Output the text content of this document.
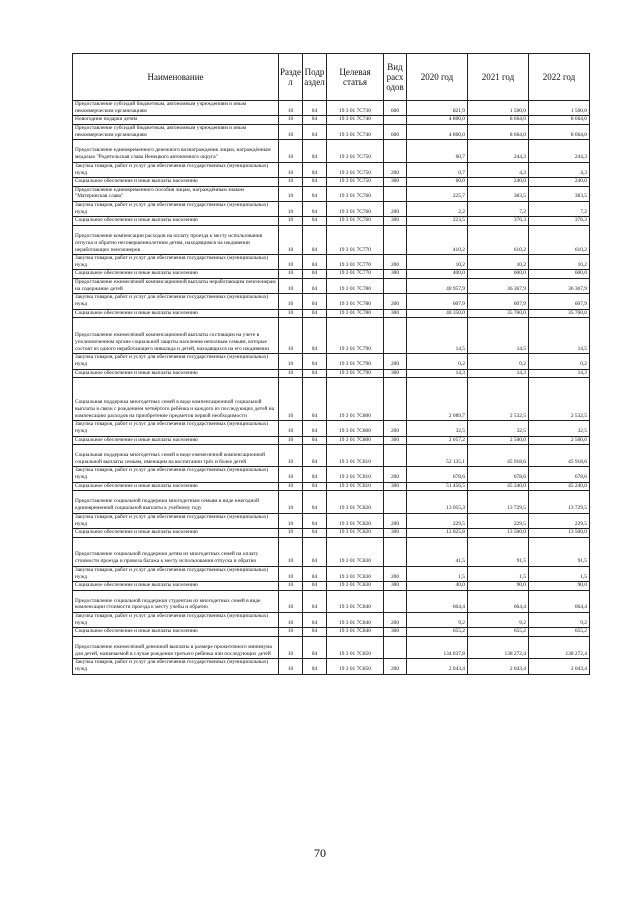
Наименование	Разде л	Подр аздел	Целевая статья	Вид расх одов	2020 год	2021 год	2022 год
Предоставление субсидий бюджетным, автономным учреждениям и иным некоммерческим организациям	10	04	19 3 01 7С730	600	821,9	1 500,0	1 500,0
Новогодние подарки детям	10	04	19 3 01 7С740		4 800,0	8 664,0	8 664,0
Предоставление субсидий бюджетным, автономным учреждениям и иным некоммерческим организациям	10	04	19 3 01 7С740	600	4 800,0	8 664,0	8 664,0
Предоставление единовременного денежного вознаграждения лицам, награждённым медалью "Родительская слава Ненецкого автономного округа"	10	04	19 3 01 7С750		60,7	244,3	244,3
Закупка товаров, работ и услуг для обеспечения государственных (муниципальных) нужд	10	04	19 3 01 7С750	200	0,7	4,3	4,3
Социальное обеспечение и иные выплаты населению	10	04	19 3 01 7С750	300	60,0	240,0	240,0
Предоставление единовременного пособия лицам, награждённым знаком "Материнская слава"	10	04	19 3 01 7С760		225,7	383,5	383,5
Закупка товаров, работ и услуг для обеспечения государственных (муниципальных) нужд	10	04	19 3 01 7С760	200	2,2	7,2	7,2
Социальное обеспечение и иные выплаты населению	10	04	19 3 01 7С760	300	223,5	376,3	376,3
Предоставление компенсации расходов на оплату проезда к месту использования отпуска и обратно несовершеннолетним детям, находящимся на иждивении неработающих пенсионеров	10	04	19 3 01 7С770		410,2	610,2	610,2
Закупка товаров, работ и услуг для обеспечения государственных (муниципальных) нужд	10	04	19 3 01 7С770	200	10,2	10,2	10,2
Социальное обеспечение и иные выплаты населению	10	04	19 3 01 7С770	300	400,0	600,0	600,0
Предоставление ежемесячной компенсационной выплаты неработающим пенсионерам на содержание детей	10	04	19 3 01 7С780		40 957,9	36 367,9	36 367,9
Закупка товаров, работ и услуг для обеспечения государственных (муниципальных) нужд	10	04	19 3 01 7С780	200	607,9	607,9	607,9
Социальное обеспечение и иные выплаты населению	10	04	19 3 01 7С780	300	40 350,0	35 760,0	35 760,0
Предоставление ежемесячной компенсационной выплаты состоящим на учете в уполномоченном органе социальной защиты населения неполным семьям, которые состоят из одного неработающего инвалида и детей, находящихся на его иждивении	10	04	19 3 01 7С790		14,5	14,5	14,5
Закупка товаров, работ и услуг для обеспечения государственных (муниципальных) нужд	10	04	19 3 01 7С790	200	0,2	0,2	0,2
Социальное обеспечение и иные выплаты населению	10	04	19 3 01 7С790	300	14,3	14,3	14,3
Социальная поддержка многодетных семей в виде компенсационной социальной выплаты в связи с рождением четвёртого ребёнка и каждого из последующих детей на компенсацию расходов на приобретение предметов первой необходимости	10	04	19 3 01 7С800		2 089,7	2 532,5	2 532,5
Закупка товаров, работ и услуг для обеспечения государственных (муниципальных) нужд	10	04	19 3 01 7С800	200	32,5	32,5	32,5
Социальное обеспечение и иные выплаты населению	10	04	19 3 01 7С800	300	2 057,2	2 500,0	2 500,0
Социальная поддержка многодетных семей в виде ежемесячной компенсационной социальной выплаты семьям, имеющим на воспитании трёх и более детей	10	04	19 3 01 7С810		52 135,1	45 918,6	45 918,6
Закупка товаров, работ и услуг для обеспечения государственных (муниципальных) нужд	10	04	19 3 01 7С810	200	678,6	678,6	678,6
Социальное обеспечение и иные выплаты населению	10	04	19 3 01 7С810	300	51 456,5	45 240,0	45 240,0
Предоставление социальной поддержки многодетным семьям в виде ежегодной единовременной социальной выплаты к учебному году	10	04	19 3 01 7С820		13 055,3	13 729,5	13 729,5
Закупка товаров, работ и услуг для обеспечения государственных (муниципальных) нужд	10	04	19 3 01 7С820	200	229,5	229,5	229,5
Социальное обеспечение и иные выплаты населению	10	04	19 3 01 7С820	300	12 825,8	13 500,0	13 500,0
Предоставление социальной поддержки детям из многодетных семей на оплату стоимости проезда и провоза багажа к месту использования отпуска и обратно	10	04	19 3 01 7С830		41,5	91,5	91,5
Закупка товаров, работ и услуг для обеспечения государственных (муниципальных) нужд	10	04	19 3 01 7С830	200	1,5	1,5	1,5
Социальное обеспечение и иные выплаты населению	10	04	19 3 01 7С830	300	40,0	90,0	90,0
Предоставление социальной поддержки студентам из многодетных семей в виде компенсации стоимости проезда к месту учебы и обратно	10	04	19 3 01 7С840		664,4	664,4	664,4
Закупка товаров, работ и услуг для обеспечения государственных (муниципальных) нужд	10	04	19 3 01 7С840	200	9,2	9,2	9,2
Социальное обеспечение и иные выплаты населению	10	04	19 3 01 7С840	300	655,2	655,2	655,2
Предоставление ежемесячной денежной выплаты в размере прожиточного минимума для детей, назначаемой в случае рождения третьего ребёнка или последующих детей	10	04	19 3 01 7С850		134 037,8	138 272,4	138 272,4
Закупка товаров, работ и услуг для обеспечения государственных (муниципальных) нужд	10	04	19 3 01 7С850	200	2 043,4	2 043,4	2 043,4
70
